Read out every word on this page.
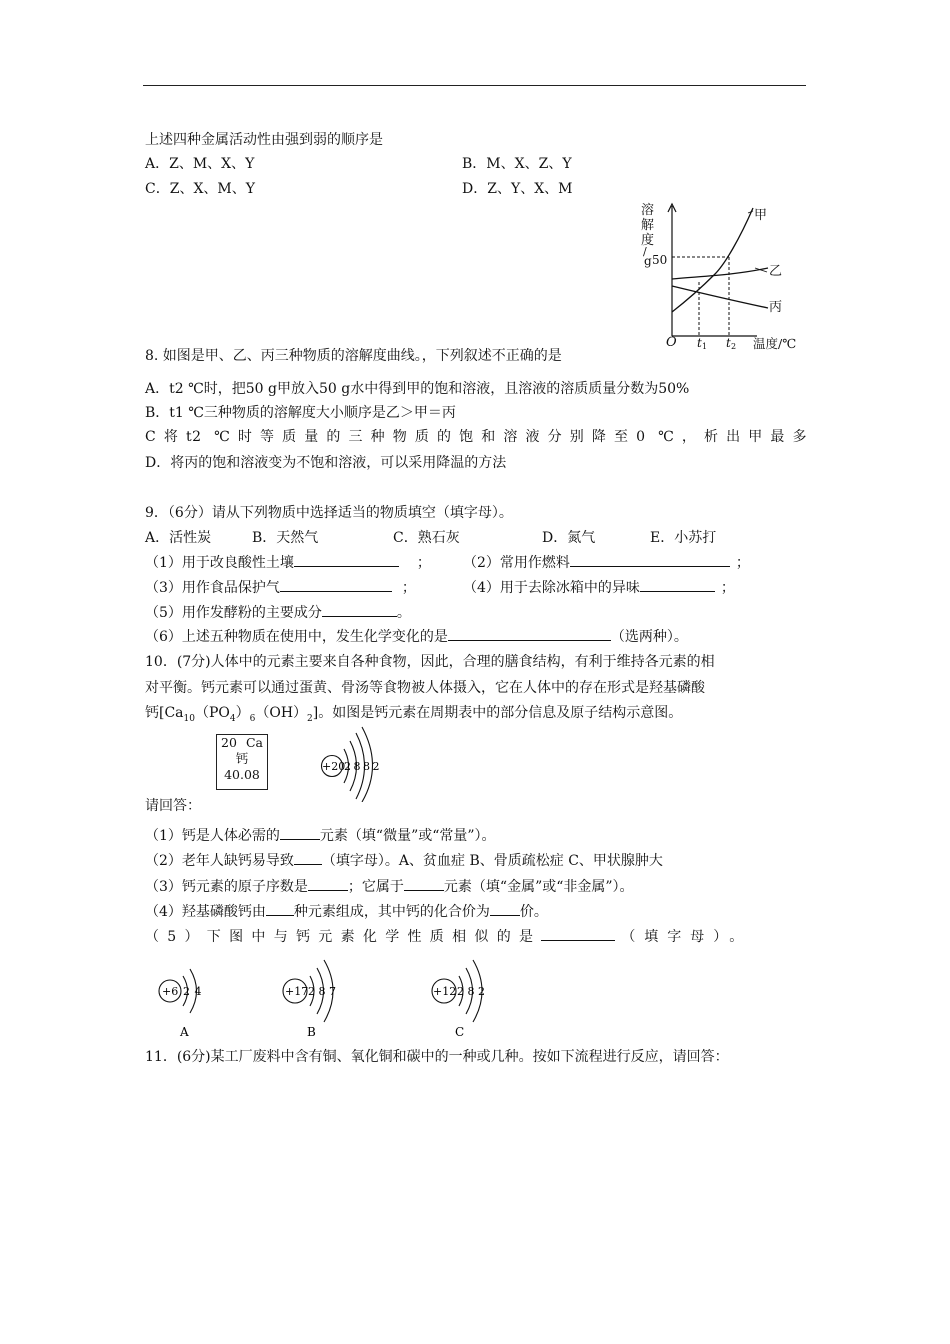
上述四种金属活动性由强到弱的顺序是
A．Z、M、X、Y	B．M、X、Z、Y
C．Z、X、M、Y	D．Z、Y、X、M
溶
解
度
/
g 50
O t 1 t 2 温度/℃
甲
乙
丙
8. 如图是甲、乙、丙三种物质的溶解度曲线。，下列叙述不正确的是
A．t2 ℃时，把50 g甲放入50 g水中得到甲的饱和溶液，且溶液的溶质质量分数为50%
B．t1 ℃三种物质的溶解度大小顺序是乙＞甲＝丙
C将t2 ℃时等质量的三种物质的饱和溶液分别降至0 ℃，析出甲最多
D．将丙的饱和溶液变为不饱和溶液，可以采用降温的方法
9．（6分）请从下列物质中选择适当的物质填空（填字母）。
A．活性炭	B．天然气	C．熟石灰	D．氮气	E．小苏打
（1）用于改良酸性土壤	； （2）常用作燃料	；
（3）用作食品保护气	；	（4）用于去除冰箱中的异味	；
（5）用作发酵粉的主要成分	。
（6）上述五种物质在使用中，发生化学变化的是	（选两种）。
10．(7分)人体中的元素主要来自各种食物，因此，合理的膳食结构，有利于维持各元素的相
对平衡。钙元素可以通过蛋黄、骨汤等食物被人体摄入，它在人体中的存在形式是羟基磷酸
钙$[Ca_{10}(PO_4)_6(OH)_2]$。如图是钙元素在周期表中的部分信息及原子结构示意图。
20 Ca
钙
40.08
+20
2 8 8 2
请回答：
（1）钙是人体必需的	元素（填“微量”或“常量”）。
（2）老年人缺钙易导致 （填字母）。A、贫血症 B、骨质疏松症 C、甲状腺肿大
（3）钙元素的原子序数是	；它属于	元素（填“金属”或“非金属”）。
（4）羟基磷酸钙由 种元素组成，其中钙的化合价为 价。
（5）下图中与钙元素化学性质相似的是	（填字母）。
+6 2 4
A
+17 2 8 7
B
+12 2 8 2
C
11．(6分)某工厂废料中含有铜、氧化铜和碳中的一种或几种。按如下流程进行反应，请回答：
